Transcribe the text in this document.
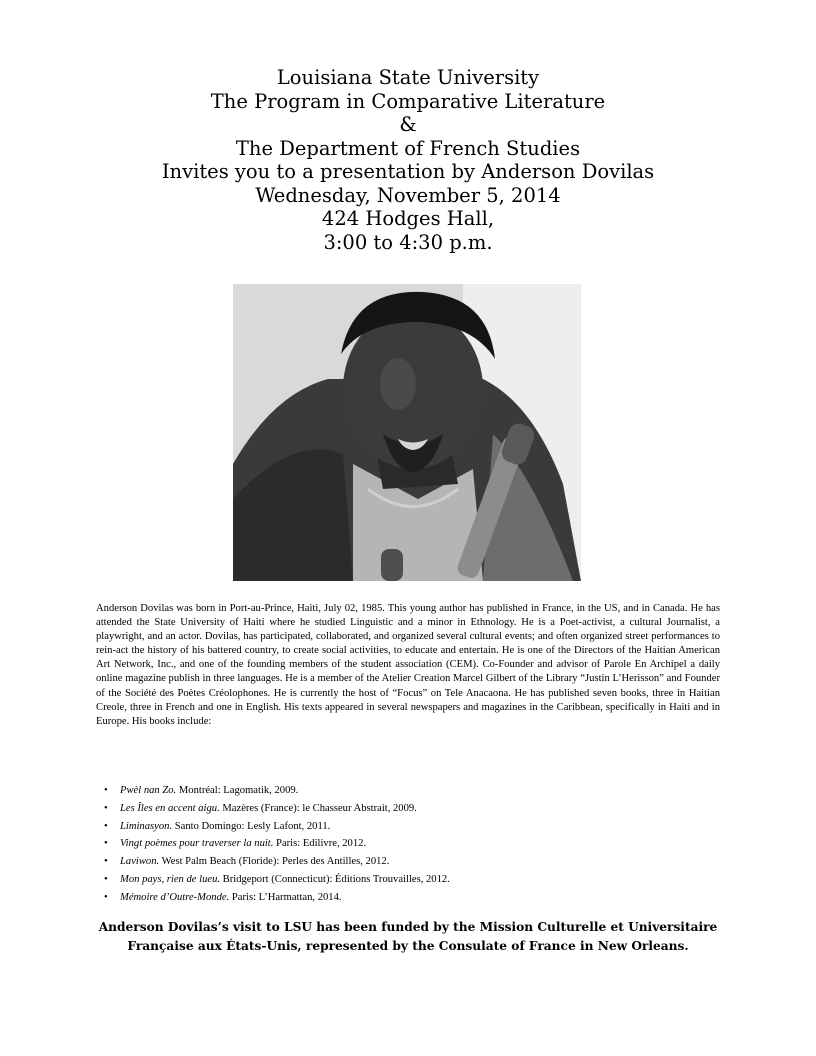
Louisiana State University
The Program in Comparative Literature
&
The Department of French Studies
Invites you to a presentation by Anderson Dovilas
Wednesday, November 5, 2014
424 Hodges Hall,
3:00 to 4:30 p.m.
Anderson Dovilas was born in Port-au-Prince, Haiti, July 02, 1985. This young author has published in France, in the US, and in Canada. He has attended the State University of Haiti where he studied Linguistic and a minor in Ethnology. He is a Poet-activist, a cultural Journalist, a playwright, and an actor. Dovilas, has participated, collaborated, and organized several cultural events; and often organized street performances to rein-act the history of his battered country, to create social activities, to educate and entertain. He is one of the Directors of the Haitian American Art Network, Inc., and one of the founding members of the student association (CEM). Co-Founder and advisor of Parole En Archipel a daily online magazine publish in three languages. He is a member of the Atelier Creation Marcel Gilbert of the Library “Justin L’Herisson” and Founder of the Société des Poètes Créolophones. He is currently the host of “Focus” on Tele Anacaona. He has published seven books, three in Haitian Creole, three in French and one in English. His texts appeared in several newspapers and magazines in the Caribbean, specifically in Haiti and in Europe. His books include:
• Pwèl nan Zo. Montréal: Lagomatik, 2009.
• Les Îles en accent aigu. Mazères (France): le Chasseur Abstrait, 2009.
• Liminasyon. Santo Domingo: Lesly Lafont, 2011.
• Vingt poèmes pour traverser la nuit. Paris: Edilivre, 2012.
• Laviwon. West Palm Beach (Floride): Perles des Antilles, 2012.
• Mon pays, rien de lueu. Bridgeport (Connecticut): Éditions Trouvailles, 2012.
• Mémoire d’Outre-Monde. Paris: L’Harmattan, 2014.
Anderson Dovilas’s visit to LSU has been funded by the Mission Culturelle et Universitaire
Française aux États-Unis, represented by the Consulate of France in New Orleans.
